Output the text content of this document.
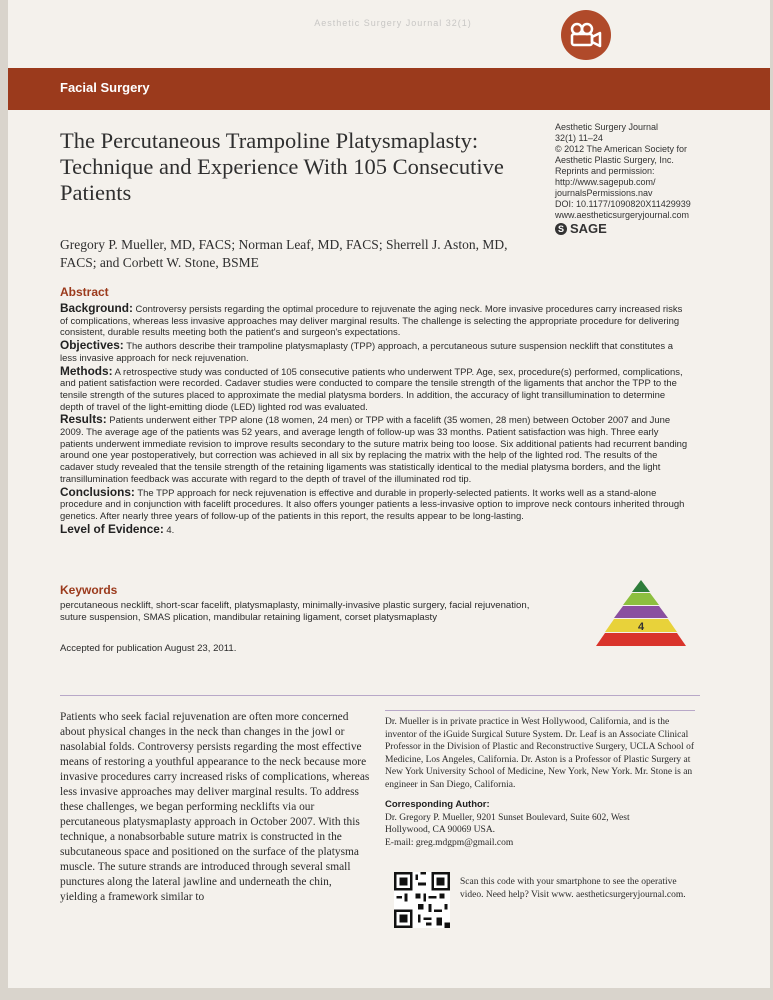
Aesthetic Surgery Journal 32(1)
Facial Surgery
The Percutaneous Trampoline Platysmaplasty: Technique and Experience With 105 Consecutive Patients
Aesthetic Surgery Journal
32(1) 11–24
© 2012 The American Society for
Aesthetic Plastic Surgery, Inc.
Reprints and permission:
http://www.sagepub.com/
journalsPermissions.nav
DOI: 10.1177/1090820X11429939
www.aestheticsurgeryjournal.com
S SAGE
Gregory P. Mueller, MD, FACS; Norman Leaf, MD, FACS; Sherrell J. Aston, MD, FACS; and Corbett W. Stone, BSME
Abstract

Background: Controversy persists regarding the optimal procedure to rejuvenate the aging neck. More invasive procedures carry increased risks of complications, whereas less invasive approaches may deliver marginal results. The challenge is selecting the appropriate procedure for delivering consistent, durable results meeting both the patient's and surgeon's expectations.

Objectives: The authors describe their trampoline platysmaplasty (TPP) approach, a percutaneous suture suspension necklift that constitutes a less invasive approach for neck rejuvenation.

Methods: A retrospective study was conducted of 105 consecutive patients who underwent TPP. Age, sex, procedure(s) performed, complications, and patient satisfaction were recorded. Cadaver studies were conducted to compare the tensile strength of the ligaments that anchor the TPP to the tensile strength of the sutures placed to approximate the medial platysma borders. In addition, the accuracy of light transillumination to determine depth of travel of the light-emitting diode (LED) lighted rod was evaluated.

Results: Patients underwent either TPP alone (18 women, 24 men) or TPP with a facelift (35 women, 28 men) between October 2007 and June 2009. The average age of the patients was 52 years, and average length of follow-up was 33 months. Patient satisfaction was high. Three early patients underwent immediate revision to improve results secondary to the suture matrix being too loose. Six additional patients had recurrent banding around one year postoperatively, but correction was achieved in all six by replacing the matrix with the help of the lighted rod. The results of the cadaver study revealed that the tensile strength of the retaining ligaments was statistically identical to the medial platysma borders, and the light transillumination feedback was accurate with regard to the depth of travel of the illuminated rod tip.

Conclusions: The TPP approach for neck rejuvenation is effective and durable in properly-selected patients. It works well as a stand-alone procedure and in conjunction with facelift procedures. It also offers younger patients a less-invasive option to improve neck contours inherited through genetics. After nearly three years of follow-up of the patients in this report, the results appear to be long-lasting.

Level of Evidence: 4.

Keywords
percutaneous necklift, short-scar facelift, platysmaplasty, minimally-invasive plastic surgery, facial rejuvenation, suture suspension, SMAS plication, mandibular retaining ligament, corset platysmaplasty
Accepted for publication August 23, 2011.
4
Patients who seek facial rejuvenation are often more concerned about physical changes in the neck than changes in the jowl or nasolabial folds. Controversy persists regarding the most effective means of restoring a youthful appearance to the neck because more invasive procedures carry increased risks of complications, whereas less invasive approaches may deliver marginal results. To address these challenges, we began performing necklifts via our percutaneous platysmaplasty approach in October 2007. With this technique, a nonabsorbable suture matrix is constructed in the subcutaneous space and positioned on the surface of the platysma muscle. The suture strands are introduced through several small punctures along the lateral jawline and underneath the chin, yielding a framework similar to
Dr. Mueller is in private practice in West Hollywood, California, and is the inventor of the iGuide Surgical Suture System. Dr. Leaf is an Associate Clinical Professor in the Division of Plastic and Reconstructive Surgery, UCLA School of Medicine, Los Angeles, California. Dr. Aston is a Professor of Plastic Surgery at New York University School of Medicine, New York, New York. Mr. Stone is an engineer in San Diego, California.
Corresponding Author:
Dr. Gregory P. Mueller, 9201 Sunset Boulevard, Suite 602, West
Hollywood, CA 90069 USA.
E-mail: greg.mdgpm@gmail.com
Scan this code with your smartphone to see the operative video. Need help? Visit www. aestheticsurgeryjournal.com.
